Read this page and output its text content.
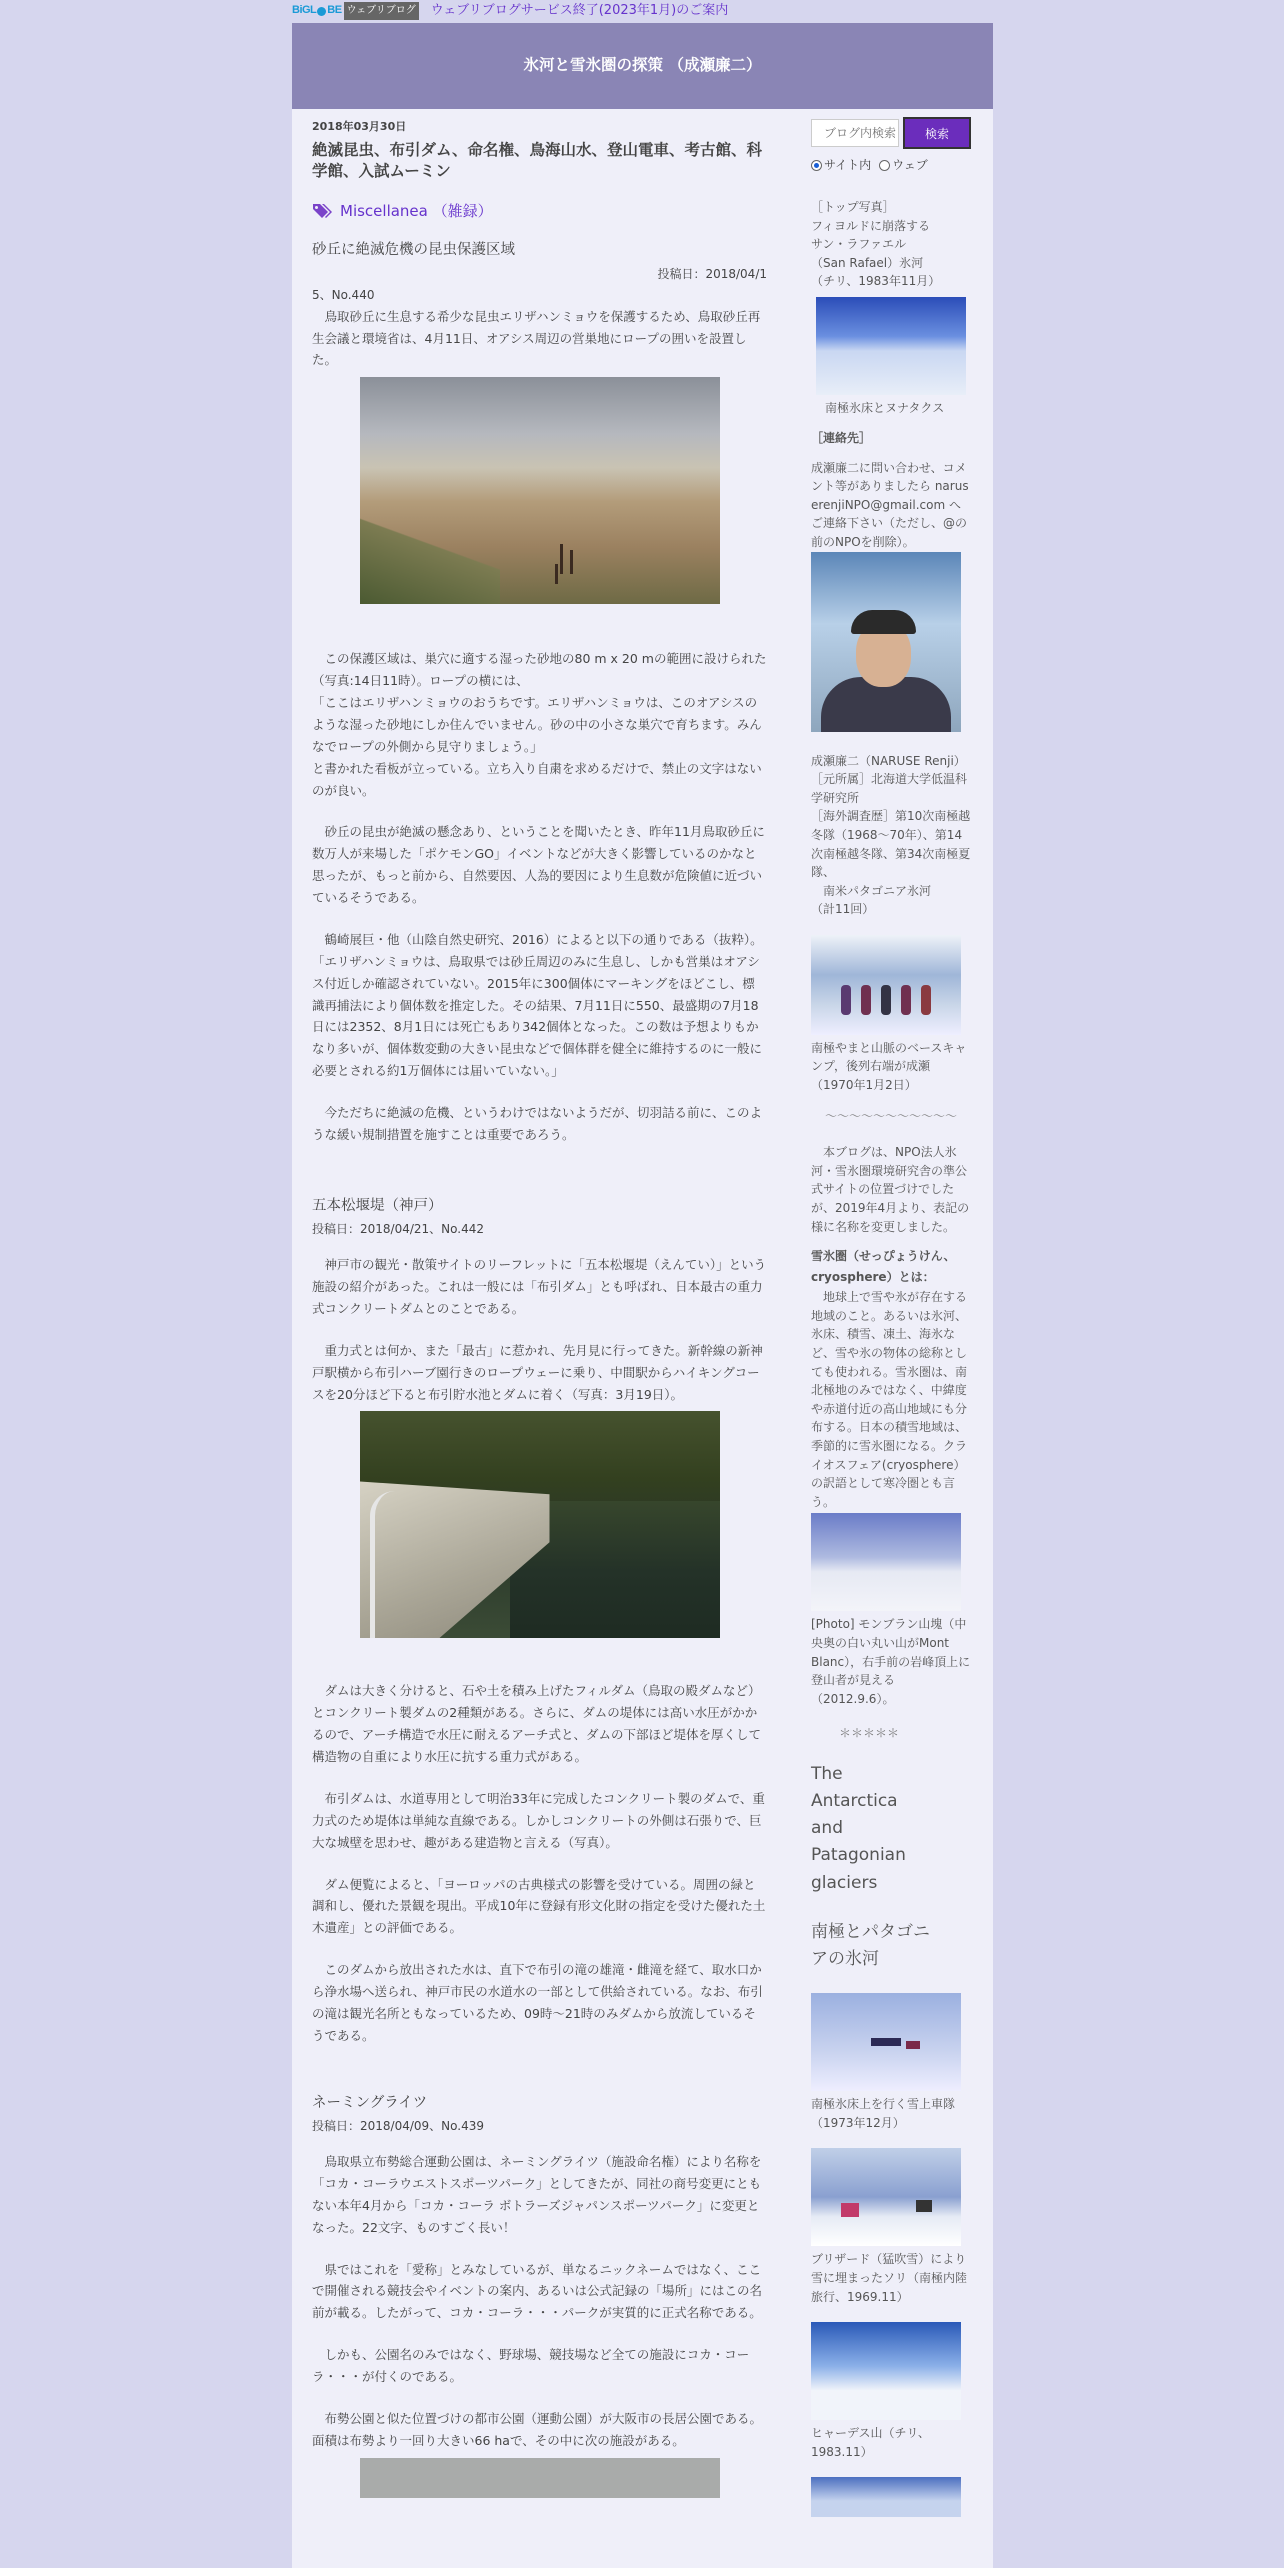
BiGL BE ウェブリブログ ウェブリブログサービス終了(2023年1月)のご案内
氷河と雪氷圏の探策 （成瀬廉二）
2018年03月30日
絶滅昆虫、布引ダム、命名権、鳥海山水、登山電車、考古館、科学館、入試ムーミン
Miscellanea （雑録）
砂丘に絶滅危機の昆虫保護区域
投稿日：2018/04/1
5、No.440

　鳥取砂丘に生息する希少な昆虫エリザハンミョウを保護するため、鳥取砂丘再生会議と環境省は、4月11日、オアシス周辺の営巣地にロープの囲いを設置した。

　この保護区域は、巣穴に適する湿った砂地の80 m x 20 mの範囲に設けられた（写真:14日11時）。ロープの横には、

「ここはエリザハンミョウのおうちです。エリザハンミョウは、このオアシスのような湿った砂地にしか住んでいません。砂の中の小さな巣穴で育ちます。みんなでロープの外側から見守りましょう。」

と書かれた看板が立っている。立ち入り自粛を求めるだけで、禁止の文字はないのが良い。

　砂丘の昆虫が絶滅の懸念あり、ということを聞いたとき、昨年11月鳥取砂丘に数万人が来場した「ポケモンGO」イベントなどが大きく影響しているのかなと思ったが、もっと前から、自然要因、人為的要因により生息数が危険値に近づいているそうである。

　鶴崎展巨・他（山陰自然史研究、2016）によると以下の通りである（抜粋）。

「エリザハンミョウは、鳥取県では砂丘周辺のみに生息し、しかも営巣はオアシス付近しか確認されていない。2015年に300個体にマーキングをほどこし、標識再捕法により個体数を推定した。その結果、7月11日に550、最盛期の7月18日には2352、8月1日には死亡もあり342個体となった。この数は予想よりもかなり多いが、個体数変動の大きい昆虫などで個体群を健全に維持するのに一般に必要とされる約1万個体には届いていない。」

　今ただちに絶滅の危機、というわけではないようだが、切羽詰る前に、このような緩い規制措置を施すことは重要であろう。

五本松堰堤（神戸）
投稿日：2018/04/21、No.442

　神戸市の観光・散策サイトのリーフレットに「五本松堰堤（えんてい）」という施設の紹介があった。これは一般には「布引ダム」とも呼ばれ、日本最古の重力式コンクリートダムとのことである。

　重力式とは何か、また「最古」に惹かれ、先月見に行ってきた。新幹線の新神戸駅横から布引ハーブ園行きのロープウェーに乗り、中間駅からハイキングコースを20分ほど下ると布引貯水池とダムに着く（写真：3月19日）。

　ダムは大きく分けると、石や土を積み上げたフィルダム（鳥取の殿ダムなど）とコンクリート製ダムの2種類がある。さらに、ダムの堤体には高い水圧がかかるので、アーチ構造で水圧に耐えるアーチ式と、ダムの下部ほど堤体を厚くして構造物の自重により水圧に抗する重力式がある。

　布引ダムは、水道専用として明治33年に完成したコンクリート製のダムで、重力式のため堤体は単純な直線である。しかしコンクリートの外側は石張りで、巨大な城壁を思わせ、趣がある建造物と言える（写真）。

　ダム便覧によると、「ヨーロッパの古典様式の影響を受けている。周囲の緑と調和し、優れた景観を現出。平成10年に登録有形文化財の指定を受けた優れた土木遺産」との評価である。

　このダムから放出された水は、直下で布引の滝の雄滝・雌滝を経て、取水口から浄水場へ送られ、神戸市民の水道水の一部として供給されている。なお、布引の滝は観光名所ともなっているため、09時～21時のみダムから放流しているそうである。

ネーミングライツ
投稿日：2018/04/09、No.439

　鳥取県立布勢総合運動公園は、ネーミングライツ（施設命名権）により名称を「コカ・コーラウエストスポーツパーク」としてきたが、同社の商号変更にともない本年4月から「コカ・コーラ ボトラーズジャパンスポーツパーク」に変更となった。22文字、ものすごく長い！

　県ではこれを「愛称」とみなしているが、単なるニックネームではなく、ここで開催される競技会やイベントの案内、あるいは公式記録の「場所」にはこの名前が載る。したがって、コカ・コーラ・・・パークが実質的に正式名称である。

　しかも、公園名のみではなく、野球場、競技場など全ての施設にコカ・コーラ・・・が付くのである。

　布勢公園と似た位置づけの都市公園（運動公園）が大阪市の長居公園である。面積は布勢より一回り大きい66 haで、その中に次の施設がある。

ブログ内検索
検索
サイト内	ウェブ
［トップ写真］
フィヨルドに崩落する
サン・ラファエル
（San Rafael）氷河
（チリ、1983年11月）
南極氷床とヌナタクス
［連絡先］
成瀬廉二に問い合わせ、コメント等がありましたら naruserenjiNPO@gmail.com へご連絡下さい（ただし、@の前のNPOを削除）。
成瀬廉二（NARUSE Renji）
［元所属］北海道大学低温科学研究所
［海外調査歴］第10次南極越冬隊（1968～70年）、第14次南極越冬隊、第34次南極夏隊、
　南米パタゴニア氷河
（計11回）
南極やまと山脈のベースキャンプ，後列右端が成瀬（1970年1月2日）
～～～～～～～～～～～
　本ブログは、NPO法人氷河・雪氷圏環境研究舎の準公式サイトの位置づけでしたが、2019年4月より、表記の様に名称を変更しました。
雪氷圏（せっぴょうけん、cryosphere）とは：
　地球上で雪や氷が存在する地域のこと。あるいは氷河、氷床、積雪、凍土、海氷など、雪や氷の物体の総称としても使われる。雪氷圏は、南北極地のみではなく、中緯度や赤道付近の高山地域にも分布する。日本の積雪地域は、季節的に雪氷圏になる。クライオスフェア(cryosphere）の訳語として寒冷圏とも言う。
[Photo] モンブラン山塊（中央奥の白い丸い山がMont Blanc），右手前の岩峰頂上に登山者が見える（2012.9.6）。
＊＊＊＊＊
The Antarctica and Patagonian glaciers
南極とパタゴニアの氷河
南極氷床上を行く雪上車隊（1973年12月）
ブリザード（猛吹雪）により雪に埋まったソリ（南極内陸旅行、1969.11）
ヒャーデス山（チリ、1983.11）
